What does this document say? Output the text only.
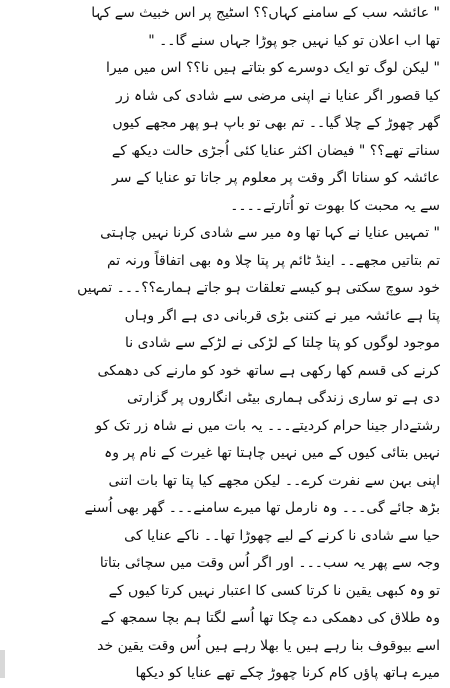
" عائشہ سب کے سامنے کہاں؟؟ اسٹیج پر اس خبیث سے کہا
تھا اب اعلان تو کیا نہیں جو پوڑا جہاں سنے گا۔۔ "
" لیکن لوگ تو ایک دوسرے کو بتاتے ہیں نا؟؟ اس میں میرا
کیا قصور اگر عنایا نے اپنی مرضی سے شادی کی شاہ زر
گھر چھوڑ کے چلا گیا۔۔ تم بھی تو باپ ہو پھر مجھے کیوں
سناتے تھے؟؟ " فیضان اکثر عنایا کئی اُجڑی حالت دیکھ کے
عائشہ کو سناتا اگر وقت پر معلوم پر جاتا تو عنایا کے سر
سے یہ محبت کا بھوت تو اُتارتے۔۔۔۔
" تمہیں عنایا نے کہا تھا وہ میر سے شادی کرنا نہیں چاہتی
تم بتاتیں مجھے۔۔ اینڈ ٹائم پر پتا چلا وہ بھی اتفاقاً ورنہ تم
خود سوچ سکتی ہو کیسے تعلقات ہو جاتے ہمارے؟؟۔۔۔ تمہیں
پتا ہے عائشہ میر نے کتنی بڑی قربانی دی ہے اگر وہاں
موجود لوگوں کو پتا چلتا کے لڑکی نے لڑکے سے شادی نا
کرنے کی قسم کھا رکھی ہے ساتھ خود کو مارنے کی دھمکی
دی ہے تو ساری زندگی ہماری بیٹی انگاروں پر گزارتی
رشتےدار جینا حرام کردیتے۔۔۔ یہ بات میں نے شاہ زر تک کو
نہیں بتائی کیوں کے میں نہیں چاہتا تھا غیرت کے نام پر وہ
اپنی بہن سے نفرت کرے۔۔ لیکن مجھے کیا پتا تھا بات اتنی
بڑھ جائے گی۔۔۔ وہ نارمل تھا میرے سامنے۔۔۔ گھر بھی اُسنے
حیا سے شادی نا کرنے کے لیے چھوڑا تھا۔۔ ناکے عنایا کی
وجہ سے پھر یہ سب۔۔۔ اور اگر اُس وقت میں سچائی بتاتا
تو وہ کبھی یقین نا کرتا کسی کا اعتبار نہیں کرتا کیوں کے
وہ طلاق کی دھمکی دے چکا تھا اُسے لگتا ہم بچا سمجھ کے
اسے بیوقوف بنا رہے ہیں یا بھلا رہے ہیں اُس وقت یقین خد
میرے ہاتھ پاؤں کام کرنا چھوڑ چکے تھے عنایا کو دیکھا
